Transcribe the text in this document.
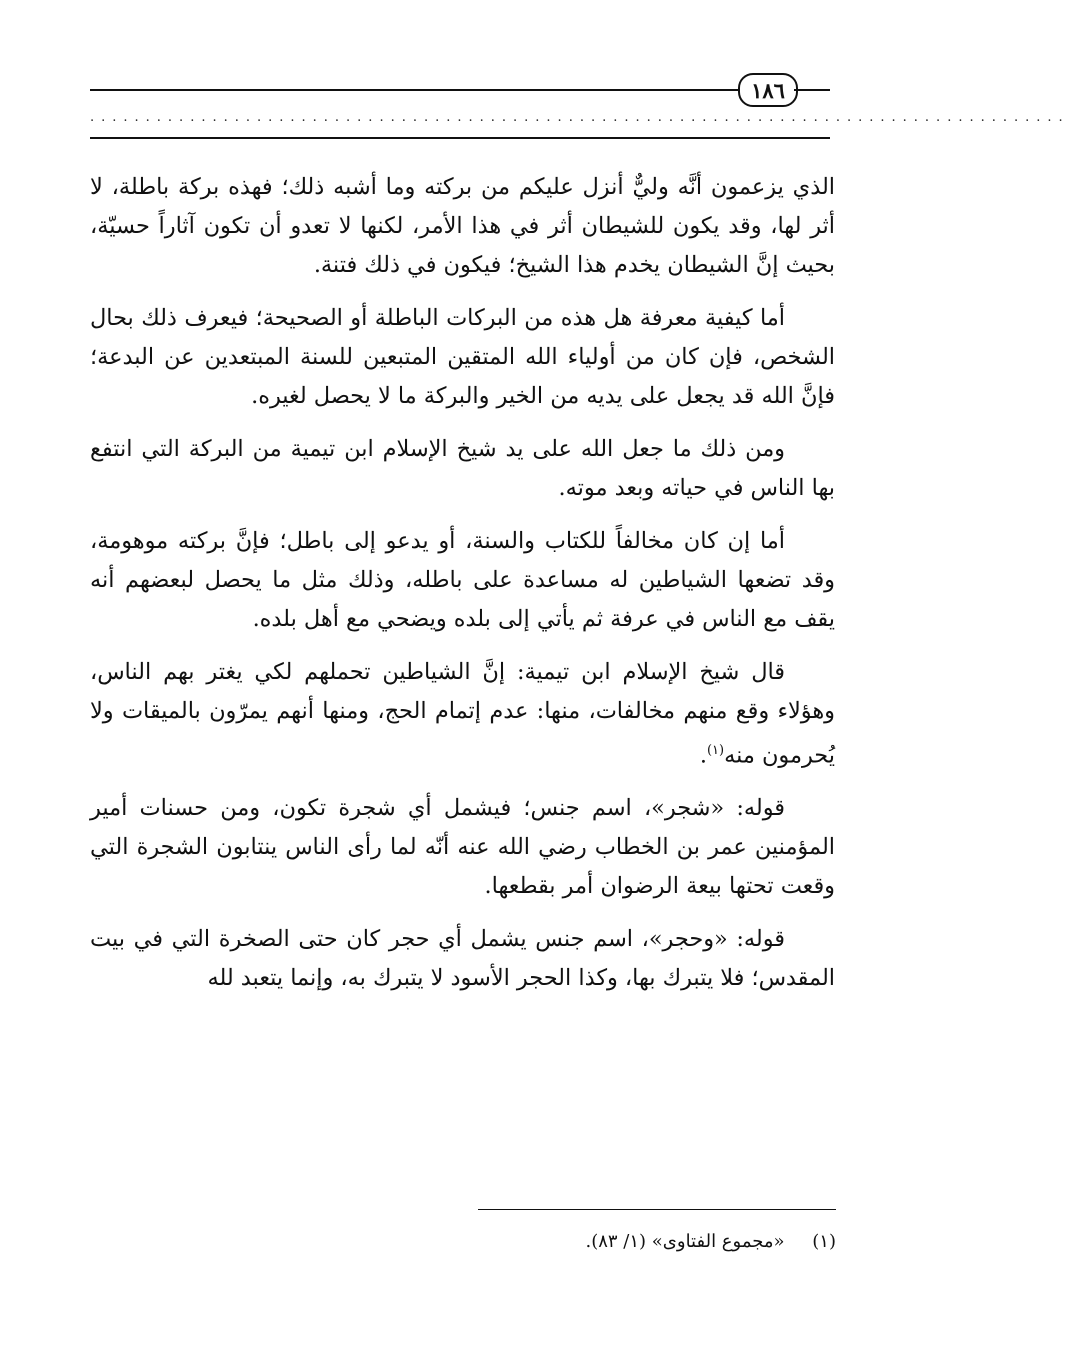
١٨٦
........................................................................................

الذي يزعمون أنَّه وليٌّ أنزل عليكم من بركته وما أشبه ذلك؛ فهذه بركة باطلة، لا أثر لها، وقد يكون للشيطان أثر في هذا الأمر، لكنها لا تعدو أن تكون آثاراً حسيّة، بحيث إنَّ الشيطان يخدم هذا الشيخ؛ فيكون في ذلك فتنة.

أما كيفية معرفة هل هذه من البركات الباطلة أو الصحيحة؛ فيعرف ذلك بحال الشخص، فإن كان من أولياء الله المتقين المتبعين للسنة المبتعدين عن البدعة؛ فإنَّ الله قد يجعل على يديه من الخير والبركة ما لا يحصل لغيره.

ومن ذلك ما جعل الله على يد شيخ الإسلام ابن تيمية من البركة التي انتفع بها الناس في حياته وبعد موته.

أما إن كان مخالفاً للكتاب والسنة، أو يدعو إلى باطل؛ فإنَّ بركته موهومة، وقد تضعها الشياطين له مساعدة على باطله، وذلك مثل ما يحصل لبعضهم أنه يقف مع الناس في عرفة ثم يأتي إلى بلده ويضحي مع أهل بلده.

قال شيخ الإسلام ابن تيمية: إنَّ الشياطين تحملهم لكي يغتر بهم الناس، وهؤلاء وقع منهم مخالفات، منها: عدم إتمام الحج، ومنها أنهم يمرّون بالميقات ولا يُحرمون منه$^{(١)}$.

قوله: «شجر»، اسم جنس؛ فيشمل أي شجرة تكون، ومن حسنات أمير المؤمنين عمر بن الخطاب رضي الله عنه أنّه لما رأى الناس ينتابون الشجرة التي وقعت تحتها بيعة الرضوان أمر بقطعها.

قوله: «وحجر»، اسم جنس يشمل أي حجر كان حتى الصخرة التي في بيت المقدس؛ فلا يتبرك بها، وكذا الحجر الأسود لا يتبرك به، وإنما يتعبد لله

(١) «مجموع الفتاوى» (١/ ٨٣).
